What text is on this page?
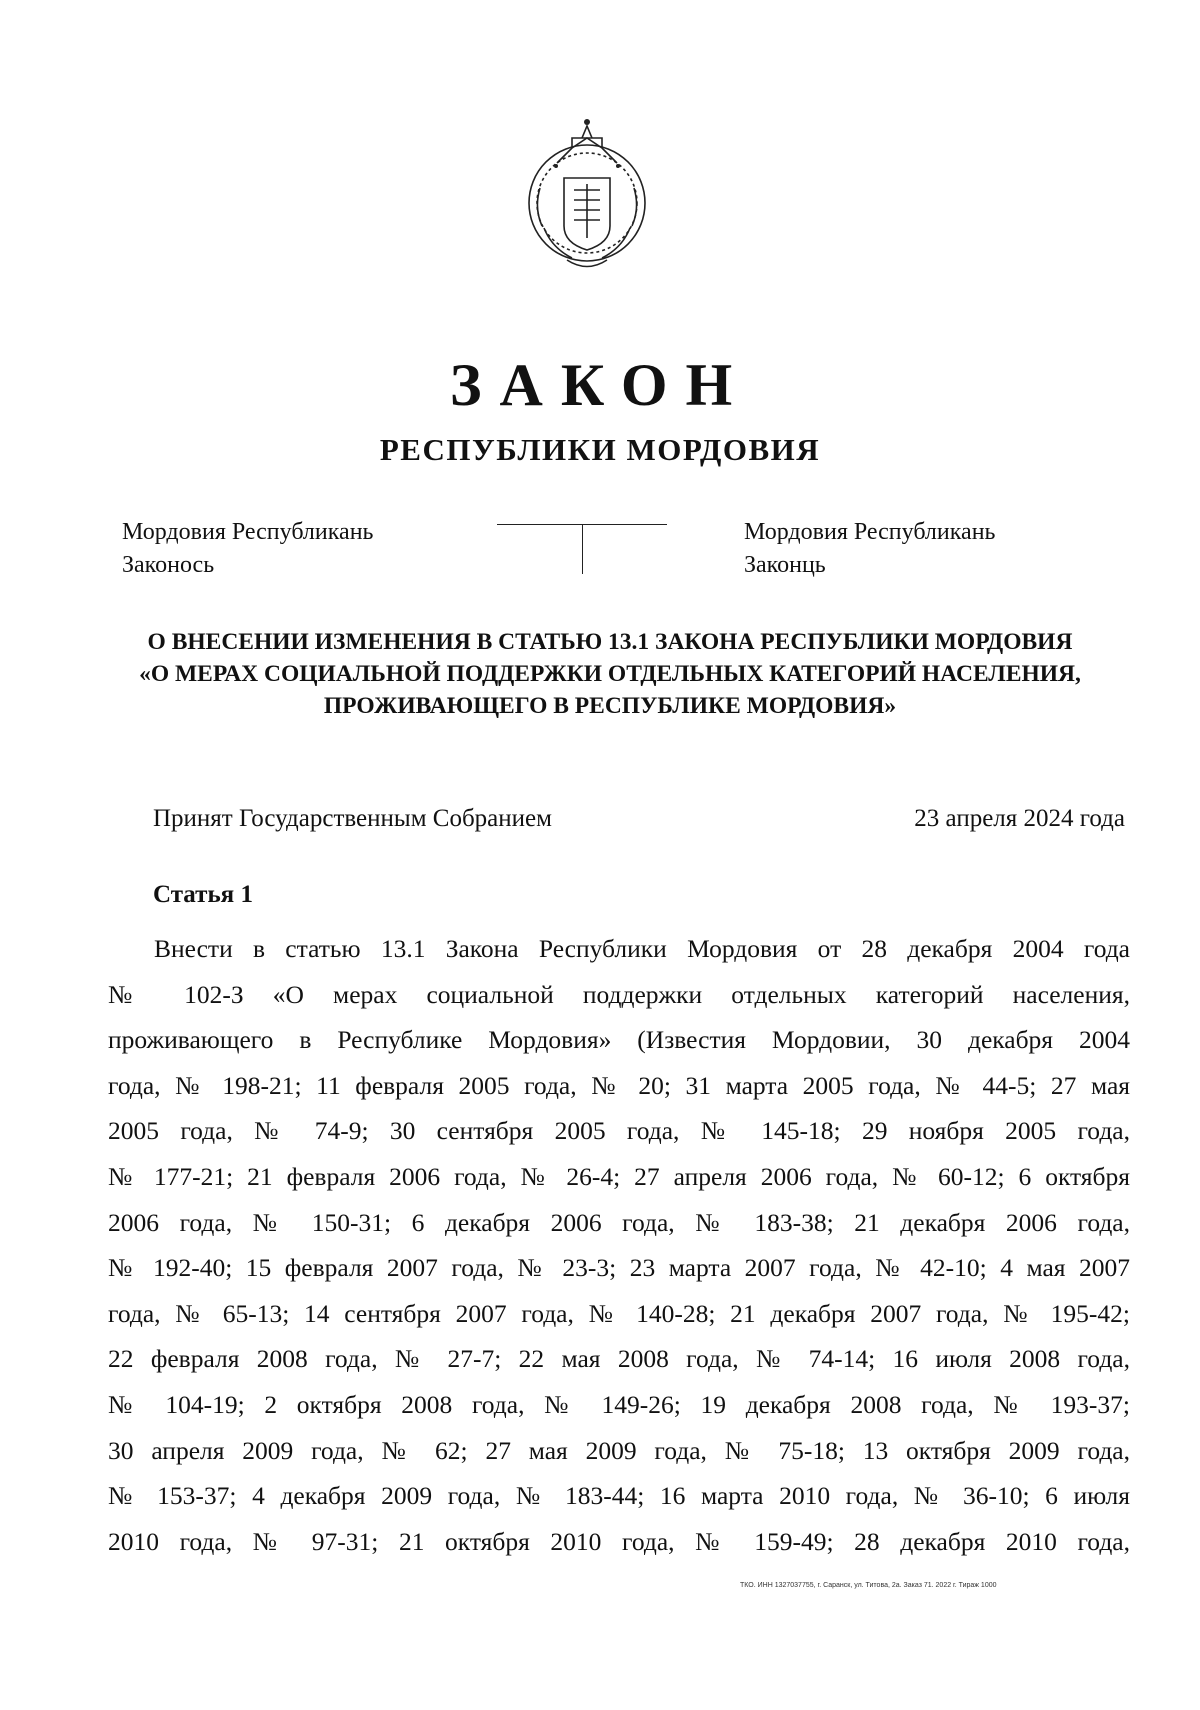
ЗАКОН
РЕСПУБЛИКИ МОРДОВИЯ
Мордовия Республикань
Законось
Мордовия Республикань
Законць
О ВНЕСЕНИИ ИЗМЕНЕНИЯ В СТАТЬЮ 13.1 ЗАКОНА РЕСПУБЛИКИ МОРДОВИЯ
«О МЕРАХ СОЦИАЛЬНОЙ ПОДДЕРЖКИ ОТДЕЛЬНЫХ КАТЕГОРИЙ НАСЕЛЕНИЯ,
ПРОЖИВАЮЩЕГО В РЕСПУБЛИКЕ МОРДОВИЯ»
Принят Государственным Собранием	23 апреля 2024 года
Статья 1
Внести в статью 13.1 Закона Республики Мордовия от 28 декабря 2004 года
№ 102-З «О мерах социальной поддержки отдельных категорий населения,
проживающего в Республике Мордовия» (Известия Мордовии, 30 декабря 2004
года, № 198-21; 11 февраля 2005 года, № 20; 31 марта 2005 года, № 44-5; 27 мая
2005 года, № 74-9; 30 сентября 2005 года, № 145-18; 29 ноября 2005 года,
№ 177-21; 21 февраля 2006 года, № 26-4; 27 апреля 2006 года, № 60-12; 6 октября
2006 года, № 150-31; 6 декабря 2006 года, № 183-38; 21 декабря 2006 года,
№ 192-40; 15 февраля 2007 года, № 23-3; 23 марта 2007 года, № 42-10; 4 мая 2007
года, № 65-13; 14 сентября 2007 года, № 140-28; 21 декабря 2007 года, № 195-42;
22 февраля 2008 года, № 27-7; 22 мая 2008 года, № 74-14; 16 июля 2008 года,
№ 104-19; 2 октября 2008 года, № 149-26; 19 декабря 2008 года, № 193-37;
30 апреля 2009 года, № 62; 27 мая 2009 года, № 75-18; 13 октября 2009 года,
№ 153-37; 4 декабря 2009 года, № 183-44; 16 марта 2010 года, № 36-10; 6 июля
2010 года, № 97-31; 21 октября 2010 года, № 159-49; 28 декабря 2010 года,
ТКО. ИНН 1327037755, г. Саранск, ул. Титова, 2а. Заказ 71. 2022 г. Тираж 1000
